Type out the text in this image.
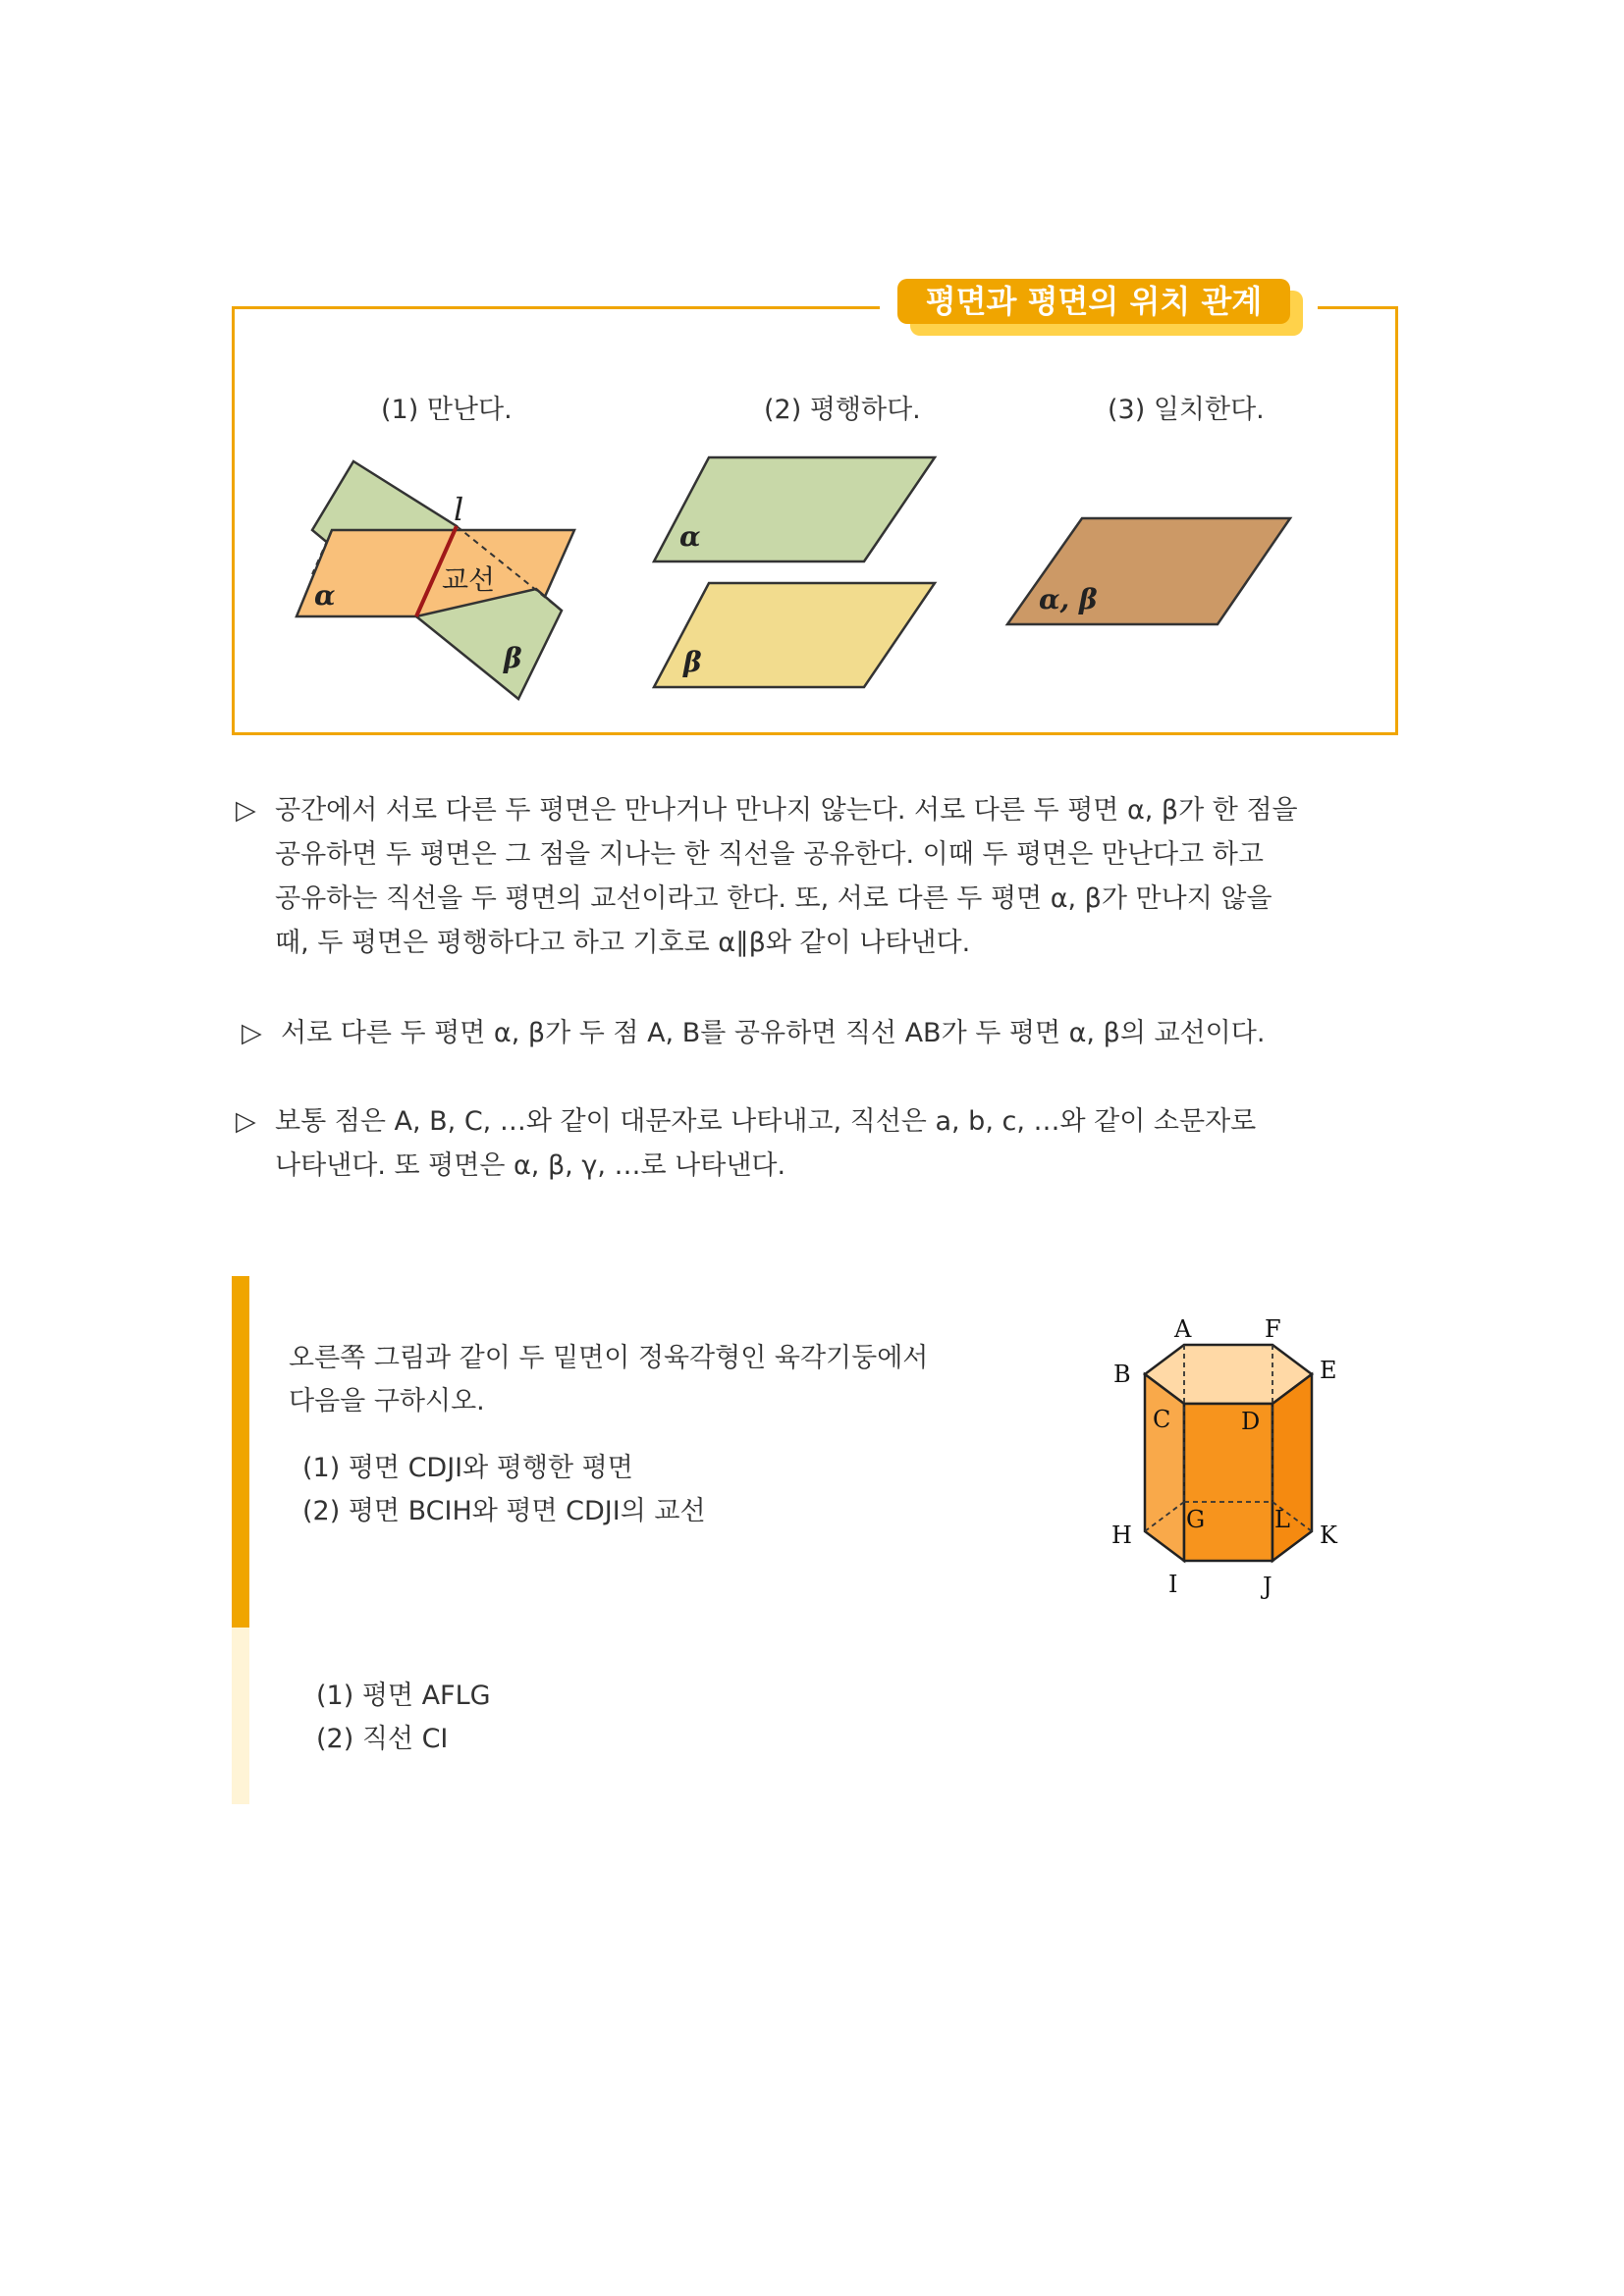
평면과 평면의 위치 관계
(1) 만난다.	(2) 평행하다.	(3) 일치한다.
l
교선
α
β
α
β
α, β
▷ 공간에서 서로 다른 두 평면은 만나거나 만나지 않는다. 서로 다른 두 평면 α, β가 한 점을
공유하면 두 평면은 그 점을 지나는 한 직선을 공유한다. 이때 두 평면은 만난다고 하고
공유하는 직선을 두 평면의 교선이라고 한다. 또, 서로 다른 두 평면 α, β가 만나지 않을
때, 두 평면은 평행하다고 하고 기호로 α∥β와 같이 나타낸다.
▷ 서로 다른 두 평면 α, β가 두 점 A, B를 공유하면 직선 AB가 두 평면 α, β의 교선이다.
▷ 보통 점은 A, B, C, …와 같이 대문자로 나타내고, 직선은 a, b, c, …와 같이 소문자로
나타낸다. 또 평면은 α, β, γ, …로 나타낸다.
오른쪽 그림과 같이 두 밑면이 정육각형인 육각기둥에서
다음을 구하시오.
(1) 평면 CDJI와 평행한 평면
(2) 평면 BCIH와 평면 CDJI의 교선
(1) 평면 AFLG
(2) 직선 CI
A	F
B	E
C	D
G	L
H	K
I	J
